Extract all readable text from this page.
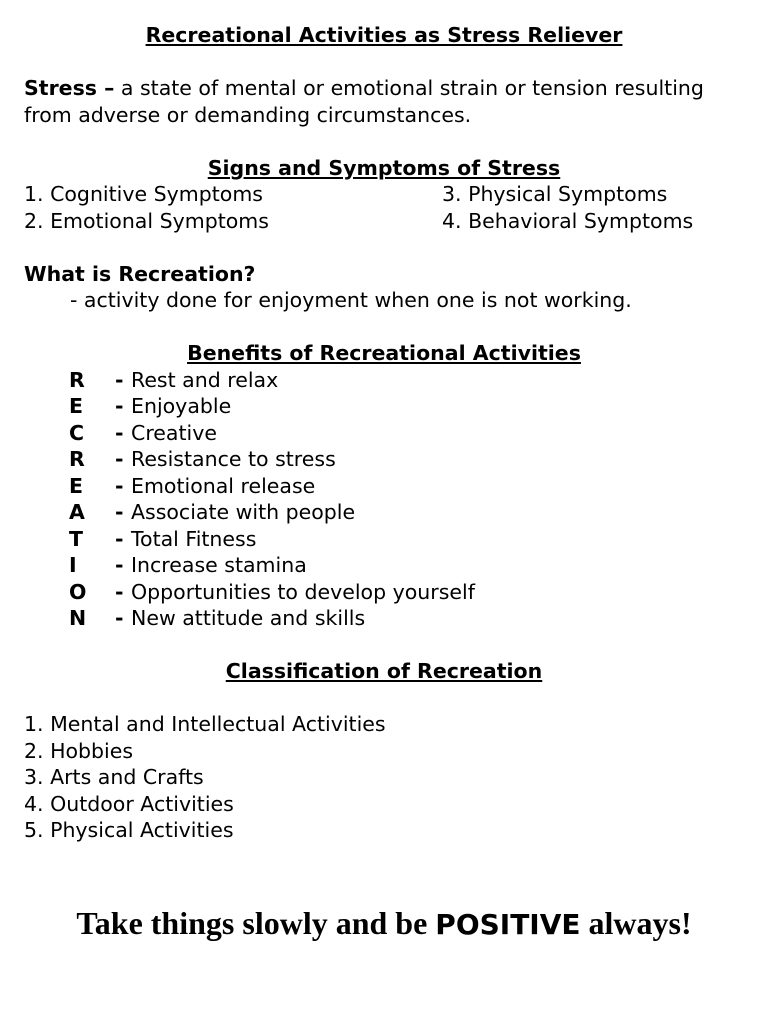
Recreational Activities as Stress Reliever

Stress – a state of mental or emotional strain or tension resulting from adverse or demanding circumstances.

Signs and Symptoms of Stress

1. Cognitive Symptoms	3. Physical Symptoms
2. Emotional Symptoms	4. Behavioral Symptoms

What is Recreation?

- activity done for enjoyment when one is not working.

Benefits of Recreational Activities

R	- Rest and relax
E	- Enjoyable
C	- Creative
R	- Resistance to stress
E	- Emotional release
A	- Associate with people
T	- Total Fitness
I	- Increase stamina
O	- Opportunities to develop yourself
N	- New attitude and skills

Classification of Recreation

1. Mental and Intellectual Activities

2. Hobbies

3. Arts and Crafts

4. Outdoor Activities

5. Physical Activities

Take things slowly and be POSITIVE always!
